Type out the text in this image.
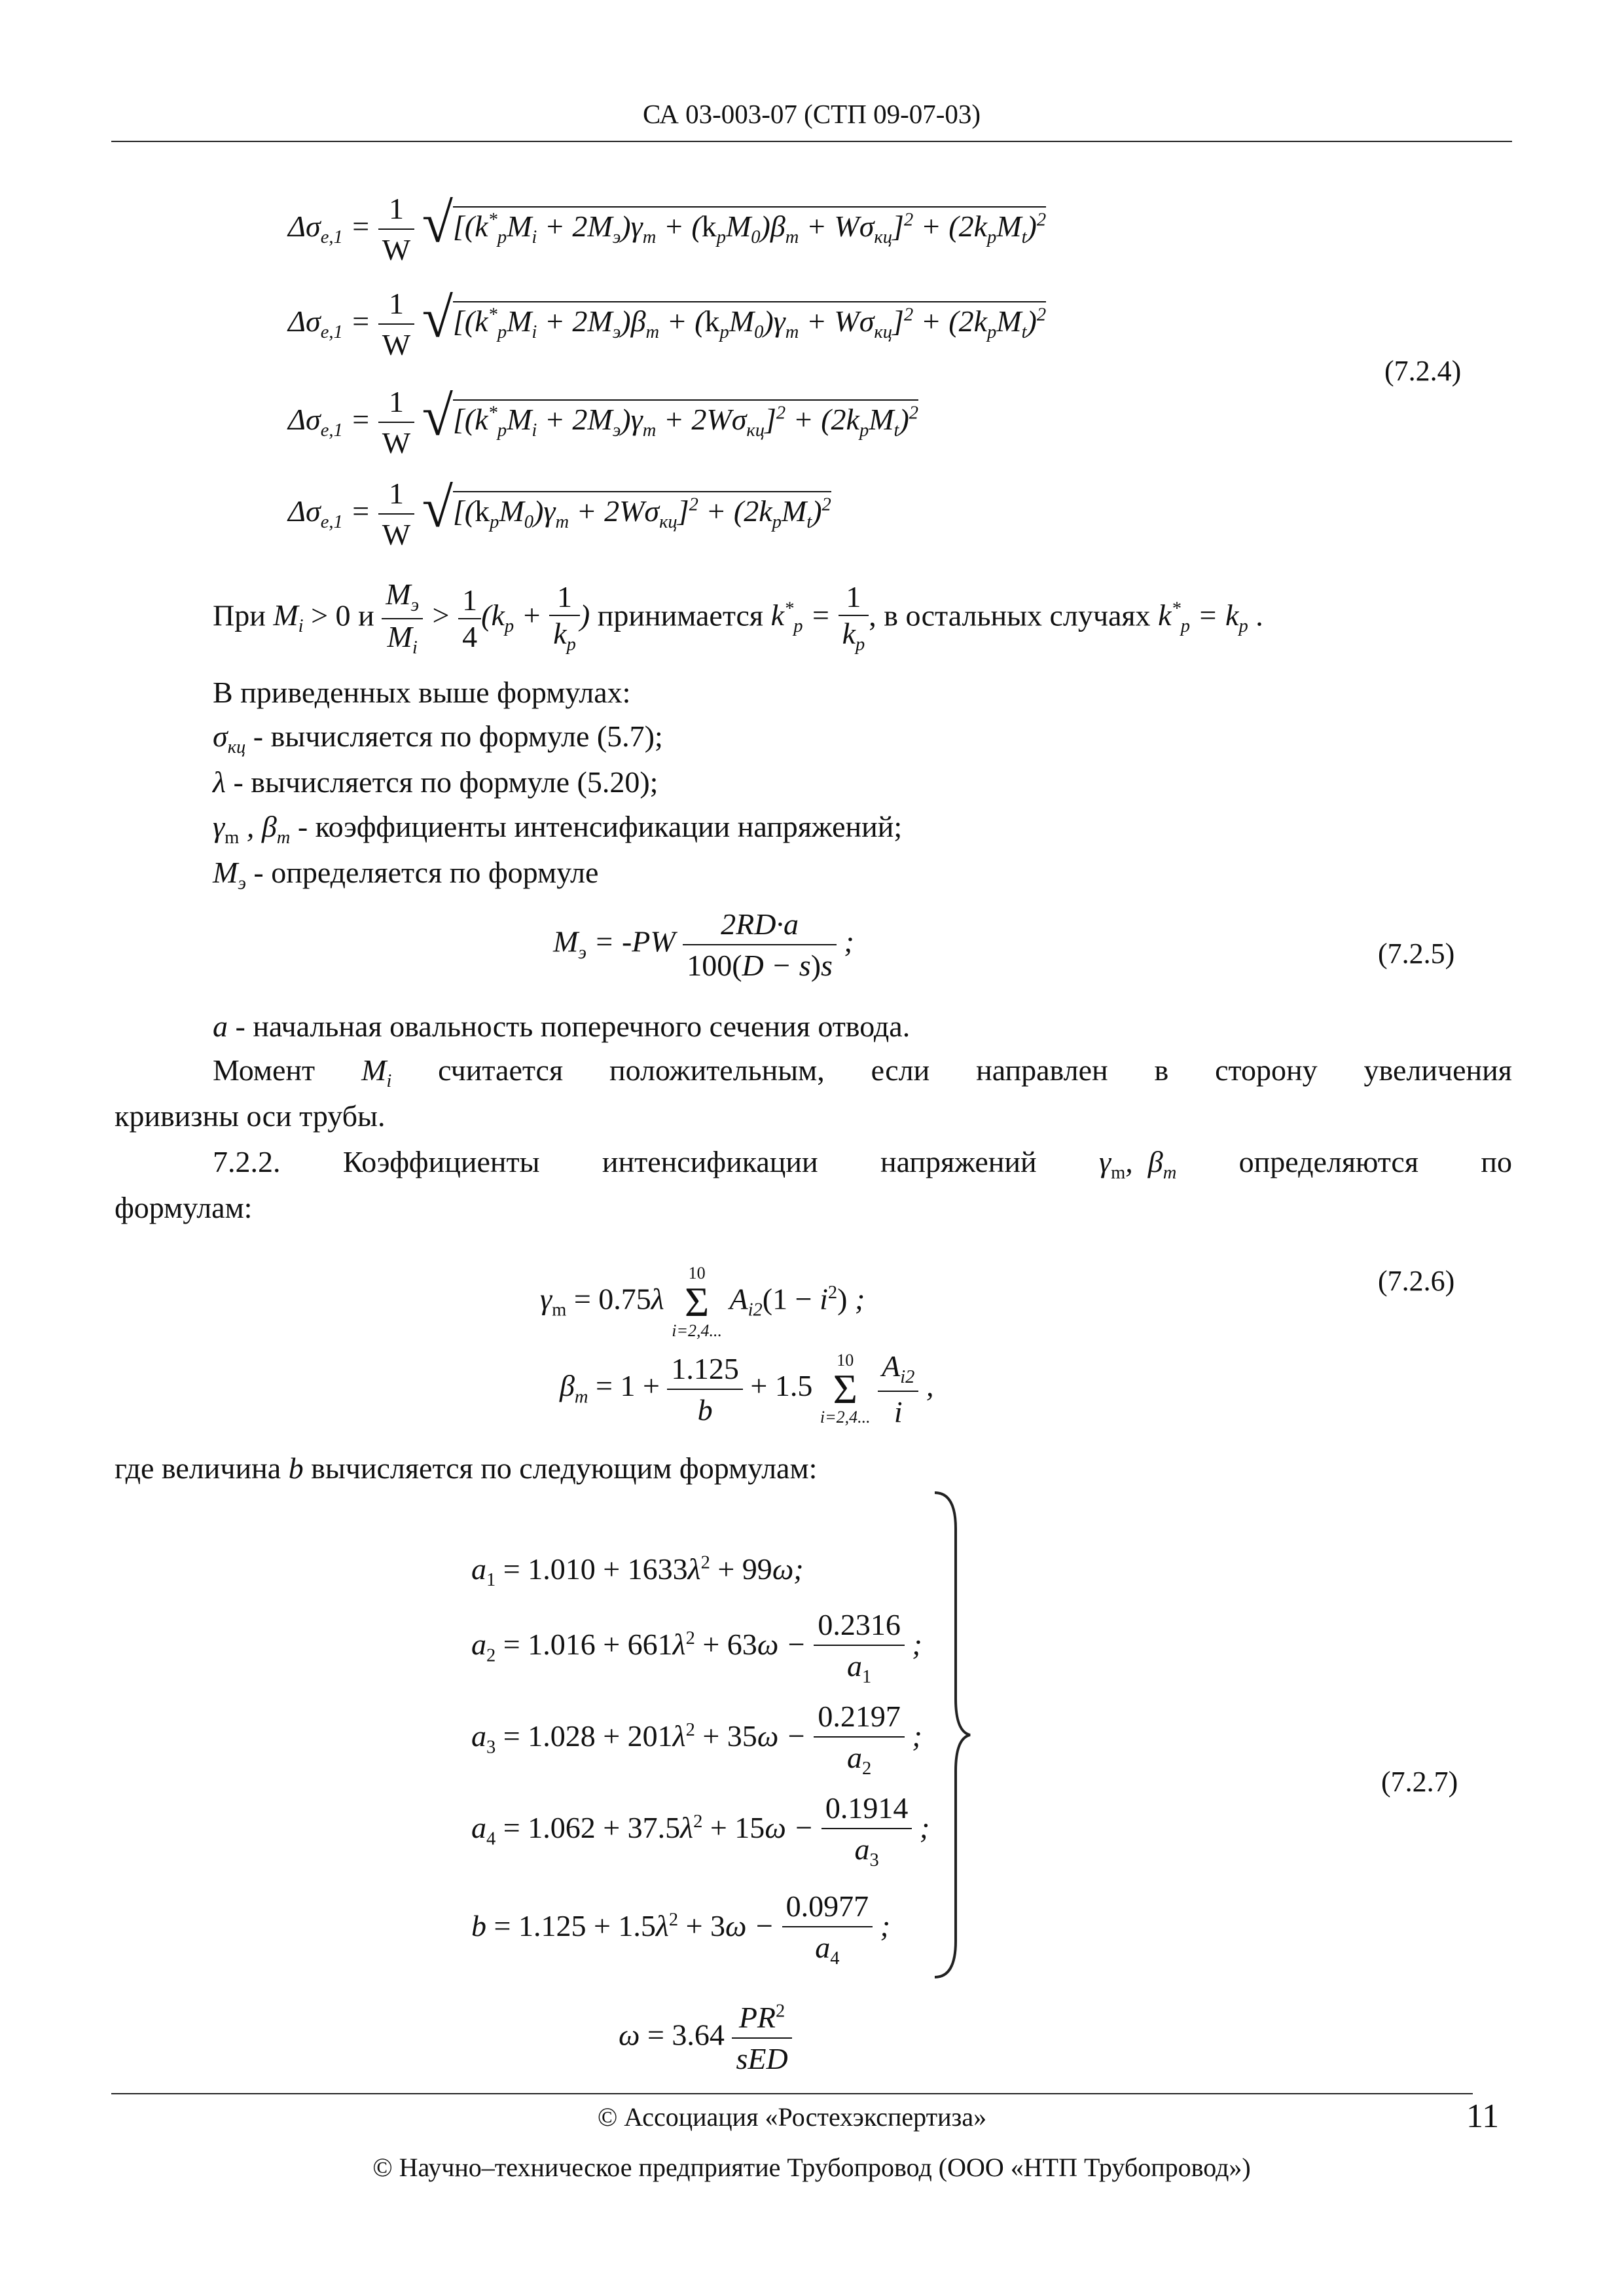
СА 03-003-07 (СТП 09-07-03)
$\Delta\sigma_{e,1} = \frac{1}{W} √[(k^*_pM_i + 2M_э)\gamma_m + (k_pM_0)\beta_m + W\sigma_{кц}]^2 + (2k_pM_t)^2$
$\Delta\sigma_{e,1} = \frac{1}{W} √[(k^*_pM_i + 2M_э)\beta_m + (k_pM_0)\gamma_m + W\sigma_{кц}]^2 + (2k_pM_t)^2$
$\Delta\sigma_{e,1} = \frac{1}{W} √[(k^*_pM_i + 2M_э)\gamma_m + 2W\sigma_{кц}]^2 + (2k_pM_t)^2$
$\Delta\sigma_{e,1} = \frac{1}{W} √[(k_pM_0)\gamma_m + 2W\sigma_{кц}]^2 + (2k_pM_t)^2$
(7.2.4)
При $M_i > 0$ и $\frac{M_э}{M_i} > \frac{1}{4} (k_p + \frac{1}{k_p}$ ) принимается $k^*_p = \frac{1}{k_p}$ , в остальных случаях $k^*_p = k_p$ .
В приведенных выше формулах:
$\sigma_{кц}$ - вычисляется по формуле (5.7);
λ - вычисляется по формуле (5.20);
$\gamma_m$ , $\beta_m$ - коэффициенты интенсификации напряжений;
$M_э$ - определяется по формуле
$M_э = -PW \frac{2RD\cdot a}{100(D - s)s}$ ;	(7.2.5)
a - начальная овальность поперечного сечения отвода.
Момент $M_i$ считается положительным, если направлен в сторону увеличения
кривизны оси трубы.
7.2.2. Коэффициенты интенсификации напряжений $\gamma_m$,  $\beta_m$ определяются по
формулам:
$\gamma_m = 0.75\lambda$
10
Σ
i=2,4...
$A_{i2}(1 - i^2)$ ;
(7.2.6)
$\beta_m = 1 + \frac{1.125}{b} + 1.5$
10
Σ
i=2,4...
$\frac{A_{i2}}{i}$ ,
где величина b вычисляется по следующим формулам:
$a_1 = 1.010 + 1633\lambda^2 + 99\omega$;
$a_2 = 1.016 + 661\lambda^2 + 63\omega - \frac{0.2316}{a_1}$ ;
$a_3 = 1.028 + 201\lambda^2 + 35\omega - \frac{0.2197}{a_2}$ ;
$a_4 = 1.062 + 37.5\lambda^2 + 15\omega - \frac{0.1914}{a_3}$ ;
$b = 1.125 + 1.5\lambda^2 + 3\omega - \frac{0.0977}{a_4}$ ;
(7.2.7)
$\omega = 3.64 \frac{PR^2}{\text{sED}}$
© Ассоциация «Ростехэкспертиза»	11
© Научно–техническое предприятие Трубопровод (ООО «НТП Трубопровод»)
